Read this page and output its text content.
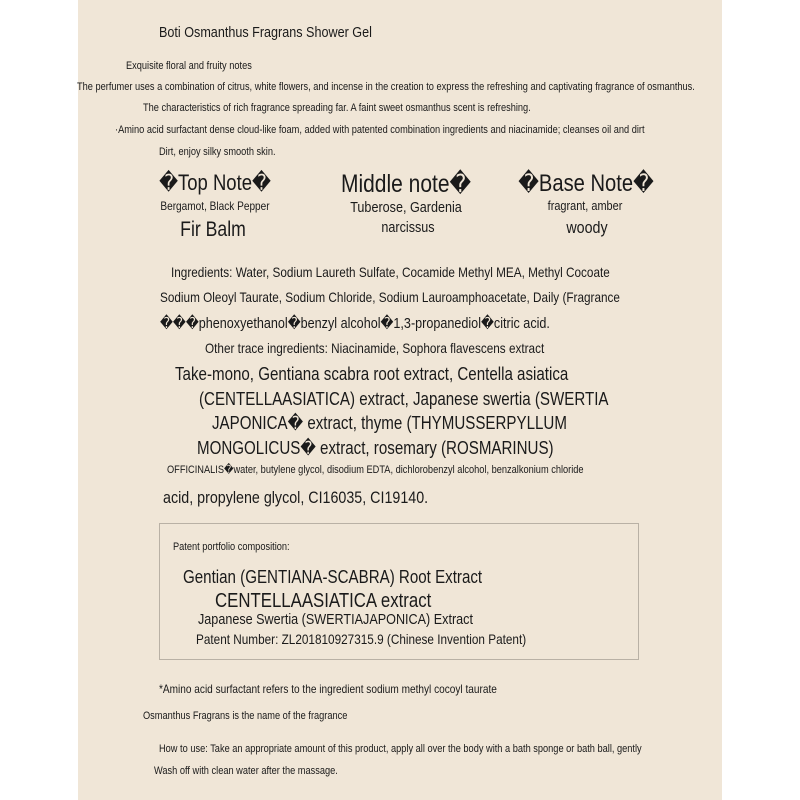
Boti Osmanthus Fragrans Shower Gel
Exquisite floral and fruity notes
The perfumer uses a combination of citrus, white flowers, and incense in the creation to express the refreshing and captivating fragrance of osmanthus.
The characteristics of rich fragrance spreading far. A faint sweet osmanthus scent is refreshing.
·Amino acid surfactant dense cloud-like foam, added with patented combination ingredients and niacinamide; cleanses oil and dirt
Dirt, enjoy silky smooth skin.
�Top Note�
Bergamot, Black Pepper
Fir Balm
Middle note�
Tuberose, Gardenia
narcissus
�Base Note�
fragrant, amber
woody
Ingredients: Water, Sodium Laureth Sulfate, Cocamide Methyl MEA, Methyl Cocoate
Sodium Oleoyl Taurate, Sodium Chloride, Sodium Lauroamphoacetate, Daily (Fragrance
���phenoxyethanol�benzyl alcohol�1,3-propanediol�citric acid.
Other trace ingredients: Niacinamide, Sophora flavescens extract
Take-mono, Gentiana scabra root extract, Centella asiatica
(CENTELLAASIATICA) extract, Japanese swertia (SWERTIA
JAPONICA� extract, thyme (THYMUSSERPYLLUM
MONGOLICUS� extract, rosemary (ROSMARINUS)
OFFICINALIS�water, butylene glycol, disodium EDTA, dichlorobenzyl alcohol, benzalkonium chloride
acid, propylene glycol, CI16035, CI19140.
Patent portfolio composition:
Gentian (GENTIANA-SCABRA) Root Extract
CENTELLAASIATICA extract
Japanese Swertia (SWERTIAJAPONICA) Extract
Patent Number: ZL201810927315.9 (Chinese Invention Patent)
*Amino acid surfactant refers to the ingredient sodium methyl cocoyl taurate
Osmanthus Fragrans is the name of the fragrance
How to use: Take an appropriate amount of this product, apply all over the body with a bath sponge or bath ball, gently
Wash off with clean water after the massage.
